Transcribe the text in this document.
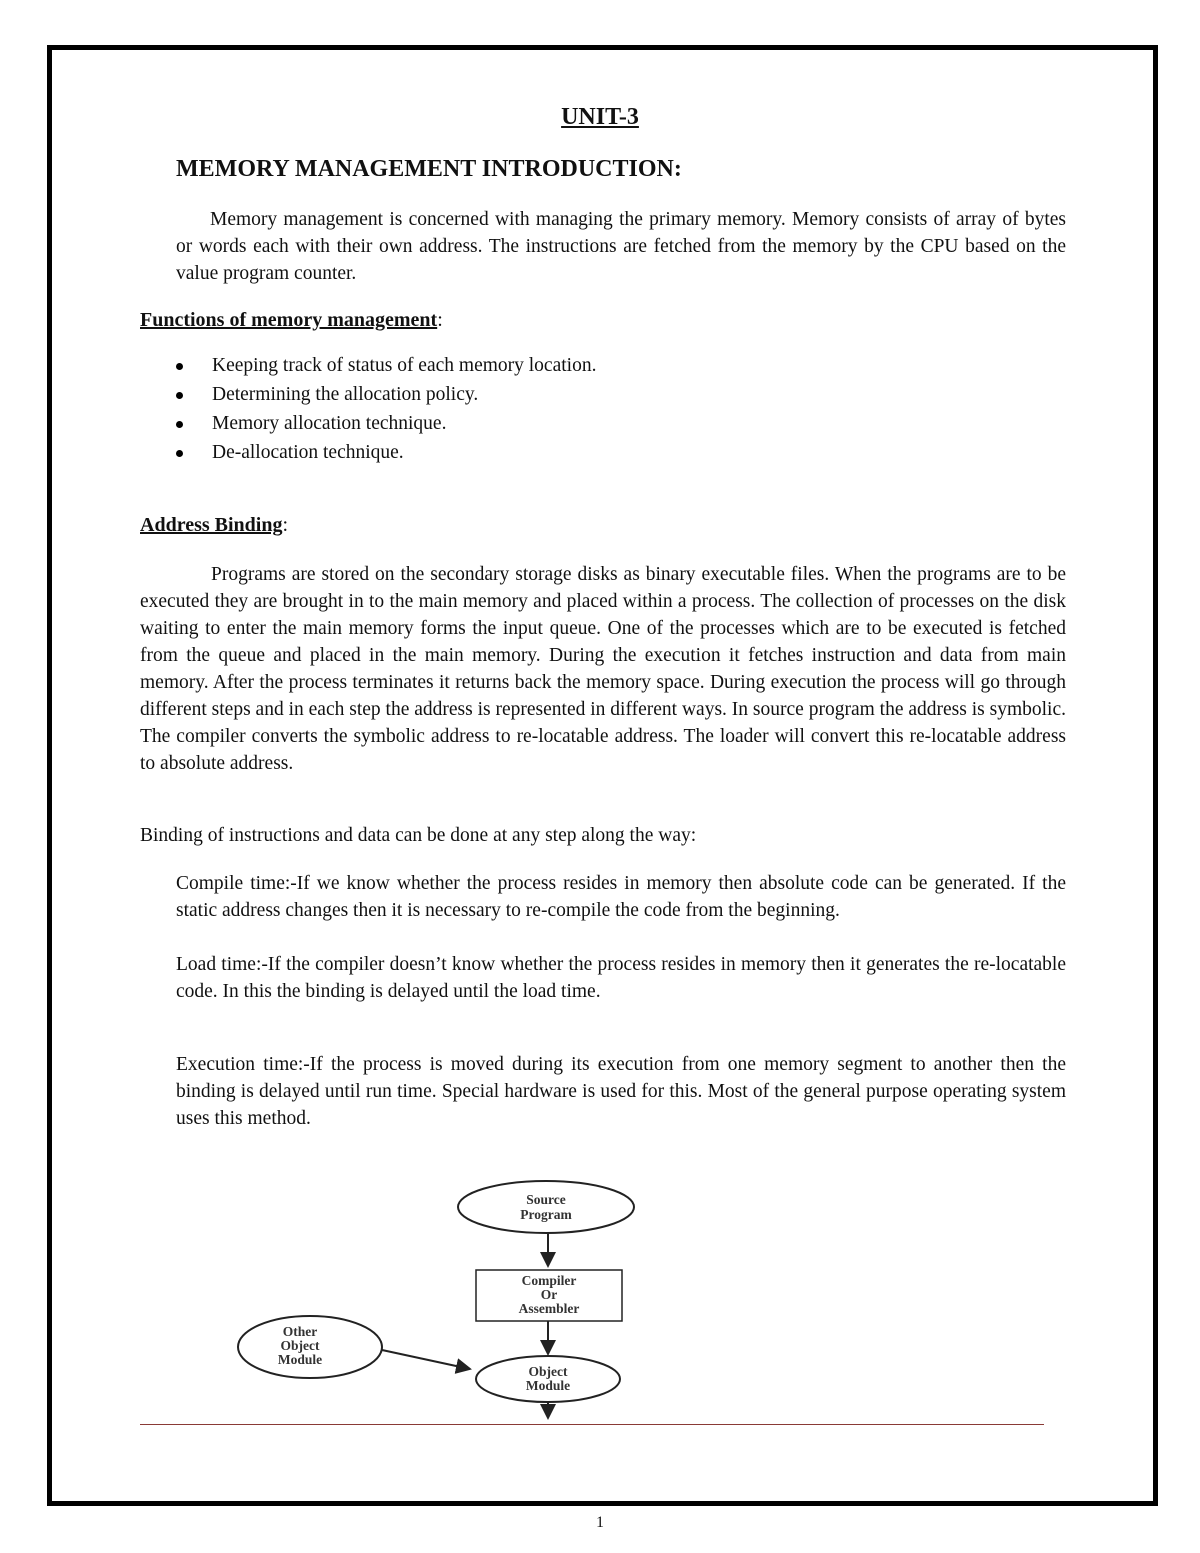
UNIT-3
MEMORY MANAGEMENT INTRODUCTION:

Memory management is concerned with managing the primary memory. Memory consists of array of bytes or words each with their own address. The instructions are fetched from the memory by the CPU based on the value program counter.

Functions of memory management:
Keeping track of status of each memory location.
Determining the allocation policy.
Memory allocation technique.
De-allocation technique.
Address Binding:

Programs are stored on the secondary storage disks as binary executable files. When the programs are to be executed they are brought in to the main memory and placed within a process. The collection of processes on the disk waiting to enter the main memory forms the input queue. One of the processes which are to be executed is fetched from the queue and placed in the main memory. During the execution it fetches instruction and data from main memory. After the process terminates it returns back the memory space. During execution the process will go through different steps and in each step the address is represented in different ways. In source program the address is symbolic. The compiler converts the symbolic address to re-locatable address. The loader will convert this re-locatable address to absolute address.

Binding of instructions and data can be done at any step along the way:

Compile time:-If we know whether the process resides in memory then absolute code can be generated. If the static address changes then it is necessary to re-compile the code from the beginning.

Load time:-If the compiler doesn’t know whether the process resides in memory then it generates the re-locatable code. In this the binding is delayed until the load time.

Execution time:-If the process is moved during its execution from one memory segment to another then the binding is delayed until run time. Special hardware is used for this. Most of the general purpose operating system uses this method.

Source
Program
Compiler
Or
Assembler
Other
Object
Module
Object
Module
1
